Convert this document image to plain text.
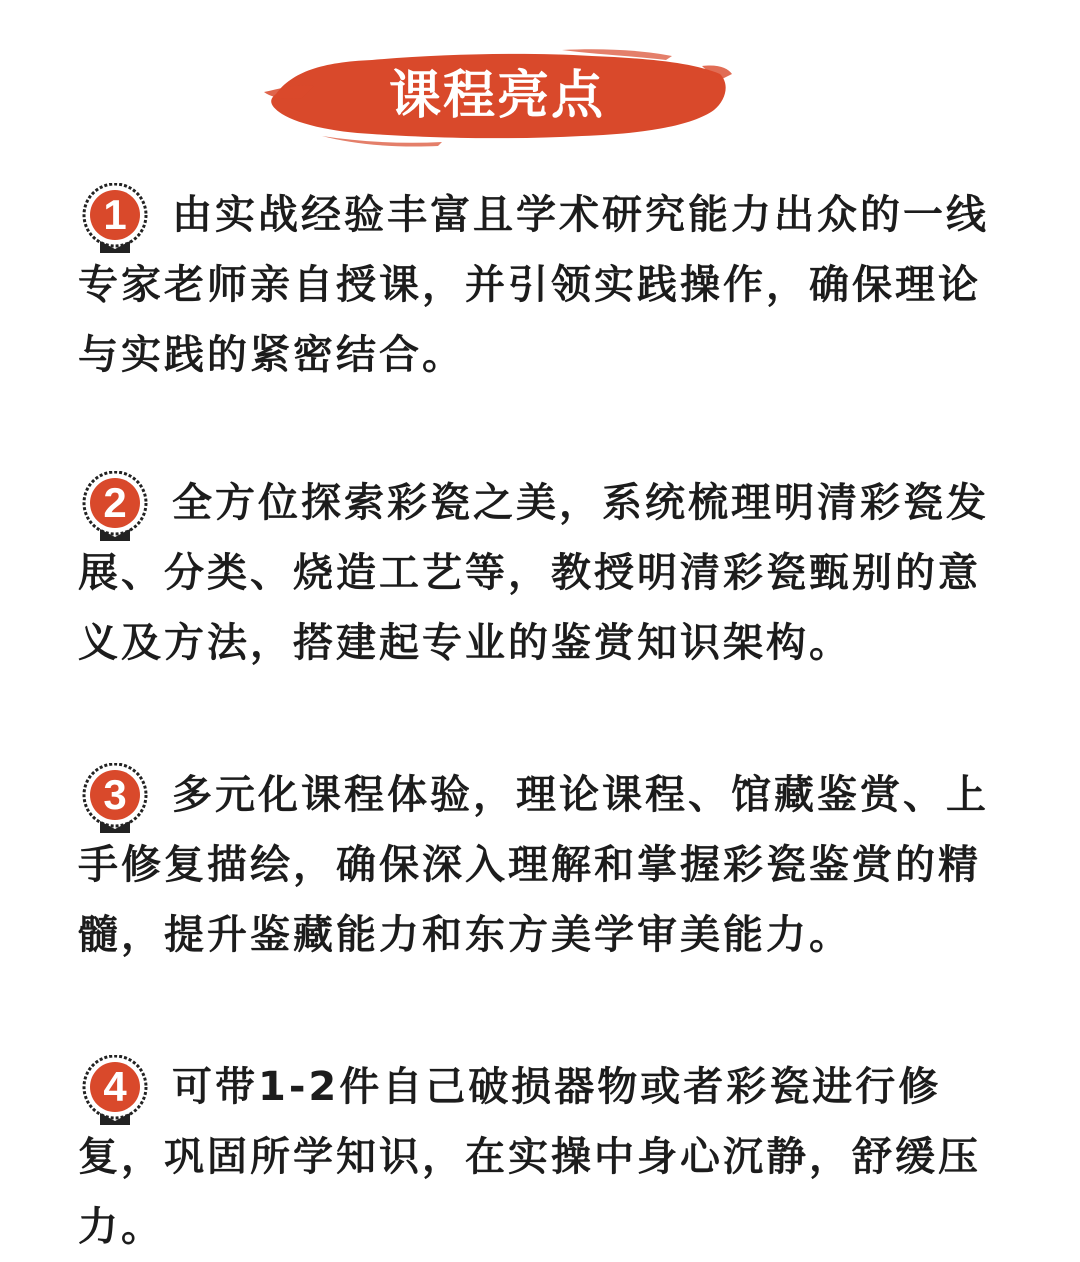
课程亮点
1	由实战经验丰富且学术研究能力出众的一线专家老师亲自授课，并引领实践操作，确保理论与实践的紧密结合。

2	全方位探索彩瓷之美，系统梳理明清彩瓷发展、分类、烧造工艺等，教授明清彩瓷甄别的意义及方法，搭建起专业的鉴赏知识架构。

3	多元化课程体验，理论课程、馆藏鉴赏、上手修复描绘，确保深入理解和掌握彩瓷鉴赏的精髓，提升鉴藏能力和东方美学审美能力。

4	可带1-2件自己破损器物或者彩瓷进行修复，巩固所学知识，在实操中身心沉静，舒缓压力。
